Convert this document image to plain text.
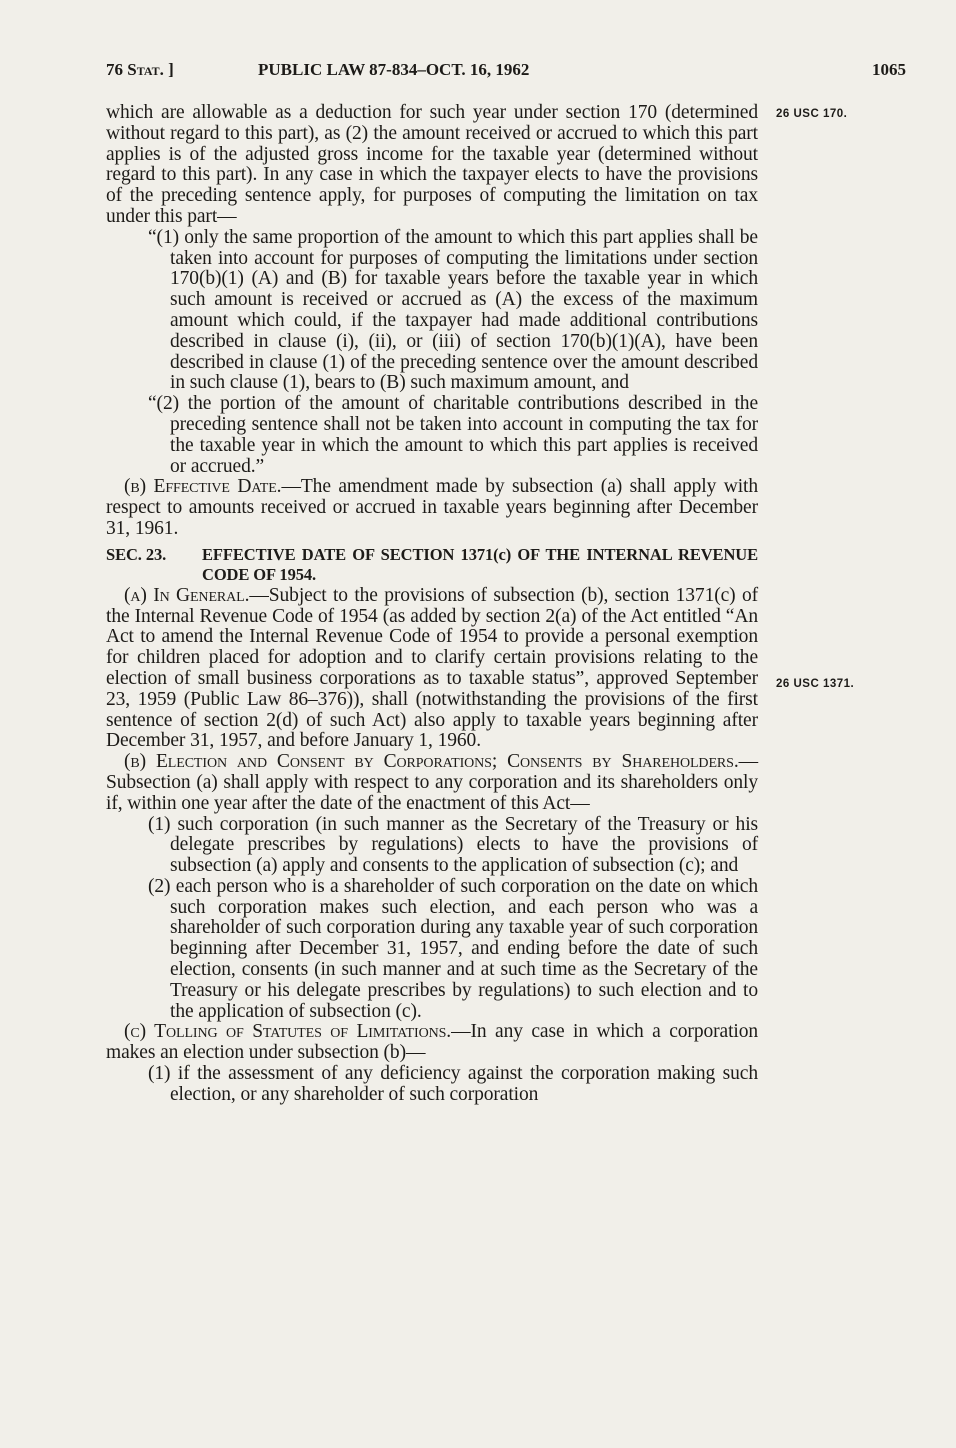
76 Stat. ]	PUBLIC LAW 87-834–OCT. 16, 1962	1065
26 USC 170.
26 USC 1371.

which are allowable as a deduction for such year under section 170 (determined without regard to this part), as (2) the amount received or accrued to which this part applies is of the adjusted gross income for the taxable year (determined without regard to this part). In any case in which the taxpayer elects to have the provisions of the preceding sentence apply, for purposes of computing the limitation on tax under this part—

“(1) only the same proportion of the amount to which this part applies shall be taken into account for purposes of computing the limitations under section 170(b)(1) (A) and (B) for taxable years before the taxable year in which such amount is received or accrued as (A) the excess of the maximum amount which could, if the taxpayer had made additional contributions described in clause (i), (ii), or (iii) of section 170(b)(1)(A), have been described in clause (1) of the preceding sentence over the amount described in such clause (1), bears to (B) such maximum amount, and

“(2) the portion of the amount of charitable contributions described in the preceding sentence shall not be taken into account in computing the tax for the taxable year in which the amount to which this part applies is received or accrued.”

(b) Effective Date.—The amendment made by subsection (a) shall apply with respect to amounts received or accrued in taxable years beginning after December 31, 1961.

SEC. 23. EFFECTIVE DATE OF SECTION 1371(c) OF THE INTERNAL REVENUE CODE OF 1954.

(a) In General.—Subject to the provisions of subsection (b), section 1371(c) of the Internal Revenue Code of 1954 (as added by section 2(a) of the Act entitled “An Act to amend the Internal Revenue Code of 1954 to provide a personal exemption for children placed for adoption and to clarify certain provisions relating to the election of small business corporations as to taxable status”, approved September 23, 1959 (Public Law 86–376)), shall (notwithstanding the provisions of the first sentence of section 2(d) of such Act) also apply to taxable years beginning after December 31, 1957, and before January 1, 1960.

(b) Election and Consent by Corporations; Consents by Shareholders.—Subsection (a) shall apply with respect to any corporation and its shareholders only if, within one year after the date of the enactment of this Act—

(1) such corporation (in such manner as the Secretary of the Treasury or his delegate prescribes by regulations) elects to have the provisions of subsection (a) apply and consents to the application of subsection (c); and

(2) each person who is a shareholder of such corporation on the date on which such corporation makes such election, and each person who was a shareholder of such corporation during any taxable year of such corporation beginning after December 31, 1957, and ending before the date of such election, consents (in such manner and at such time as the Secretary of the Treasury or his delegate prescribes by regulations) to such election and to the application of subsection (c).

(c) Tolling of Statutes of Limitations.—In any case in which a corporation makes an election under subsection (b)—

(1) if the assessment of any deficiency against the corporation making such election, or any shareholder of such corporation
